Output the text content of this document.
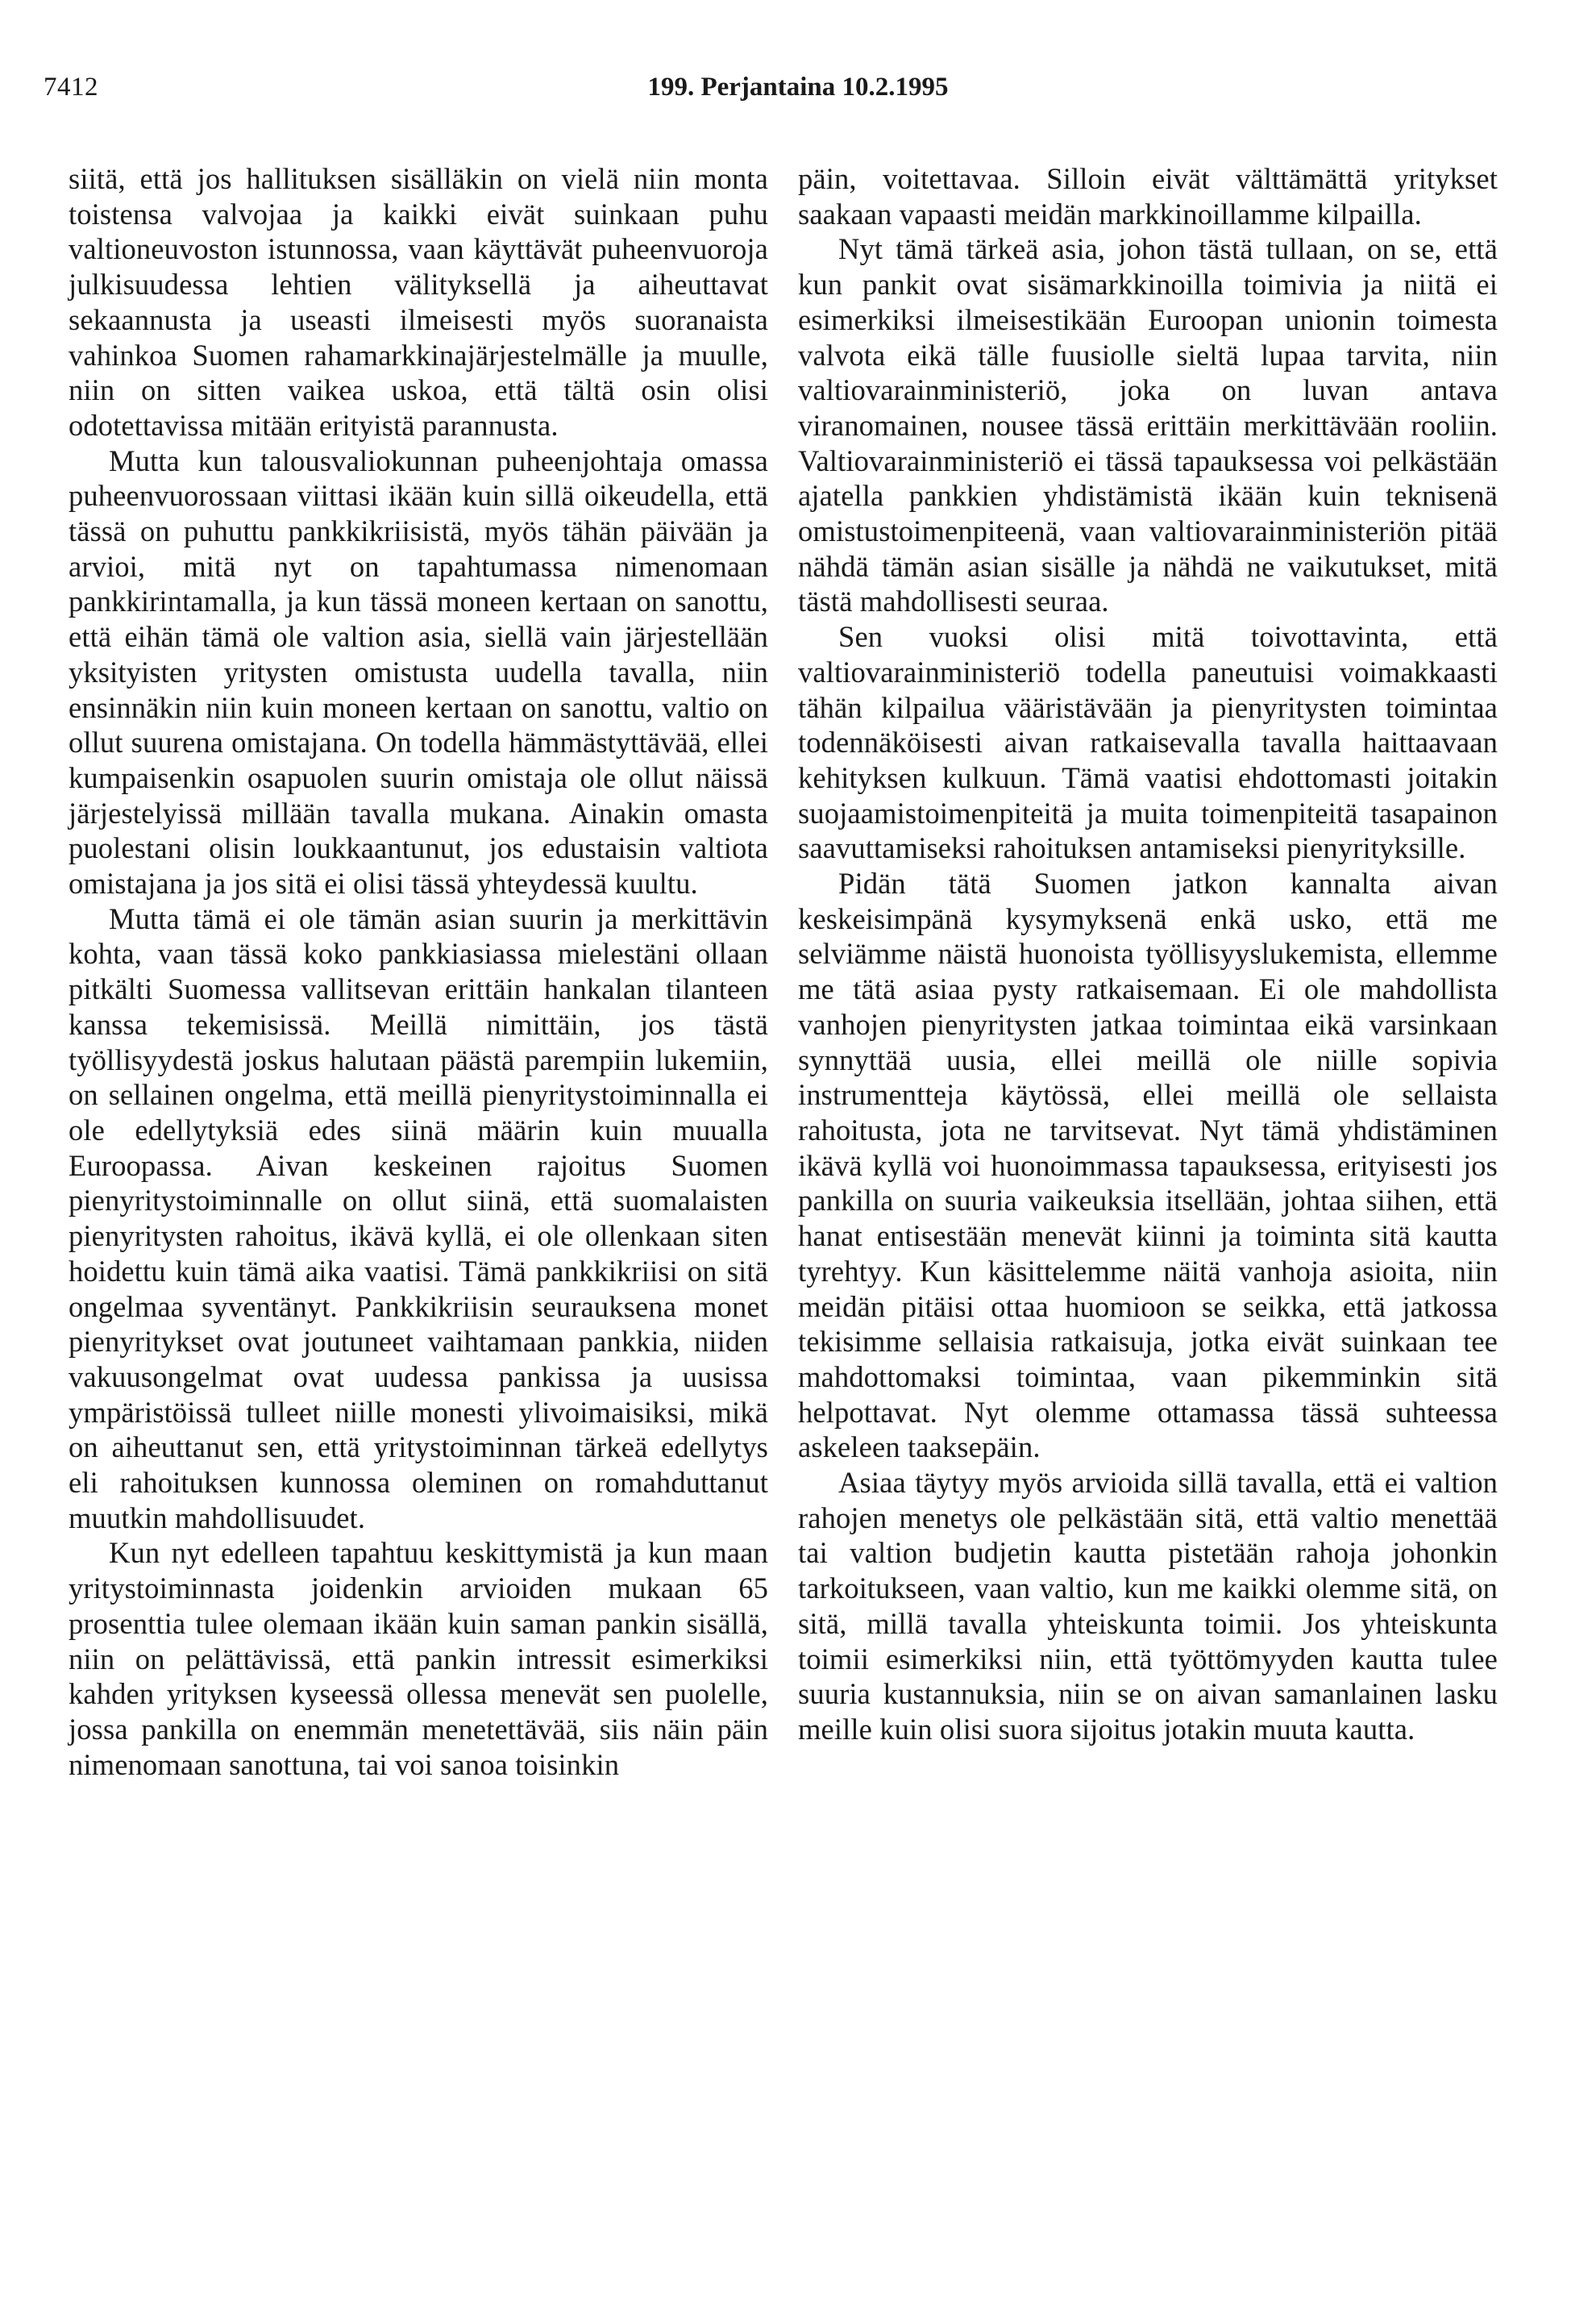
7412	199. Perjantaina 10.2.1995

siitä, että jos hallituksen sisälläkin on vielä niin monta toistensa valvojaa ja kaikki eivät suinkaan puhu valtioneuvoston istunnossa, vaan käyttävät puheenvuoroja julkisuudessa lehtien välityksellä ja aiheuttavat sekaannusta ja useasti ilmeisesti myös suoranaista vahinkoa Suomen rahamarkkinajärjestelmälle ja muulle, niin on sitten vaikea uskoa, että tältä osin olisi odotettavissa mitään erityistä parannusta.

Mutta kun talousvaliokunnan puheenjohtaja omassa puheenvuorossaan viittasi ikään kuin sillä oikeudella, että tässä on puhuttu pankkikriisistä, myös tähän päivään ja arvioi, mitä nyt on tapahtumassa nimenomaan pankkirintamalla, ja kun tässä moneen kertaan on sanottu, että eihän tämä ole valtion asia, siellä vain järjestellään yksityisten yritysten omistusta uudella tavalla, niin ensinnäkin niin kuin moneen kertaan on sanottu, valtio on ollut suurena omistajana. On todella hämmästyttävää, ellei kumpaisenkin osapuolen suurin omistaja ole ollut näissä järjestelyissä millään tavalla mukana. Ainakin omasta puolestani olisin loukkaantunut, jos edustaisin valtiota omistajana ja jos sitä ei olisi tässä yhteydessä kuultu.

Mutta tämä ei ole tämän asian suurin ja merkittävin kohta, vaan tässä koko pankkiasiassa mielestäni ollaan pitkälti Suomessa vallitsevan erittäin hankalan tilanteen kanssa tekemisissä. Meillä nimittäin, jos tästä työllisyydestä joskus halutaan päästä parempiin lukemiin, on sellainen ongelma, että meillä pienyritystoiminnalla ei ole edellytyksiä edes siinä määrin kuin muualla Euroopassa. Aivan keskeinen rajoitus Suomen pienyritystoiminnalle on ollut siinä, että suomalaisten pienyritysten rahoitus, ikävä kyllä, ei ole ollenkaan siten hoidettu kuin tämä aika vaatisi. Tämä pankkikriisi on sitä ongelmaa syventänyt. Pankkikriisin seurauksena monet pienyritykset ovat joutuneet vaihtamaan pankkia, niiden vakuusongelmat ovat uudessa pankissa ja uusissa ympäristöissä tulleet niille monesti ylivoimaisiksi, mikä on aiheuttanut sen, että yritystoiminnan tärkeä edellytys eli rahoituksen kunnossa oleminen on romahduttanut muutkin mahdollisuudet.

Kun nyt edelleen tapahtuu keskittymistä ja kun maan yritystoiminnasta joidenkin arvioiden mukaan 65 prosenttia tulee olemaan ikään kuin saman pankin sisällä, niin on pelättävissä, että pankin intressit esimerkiksi kahden yrityksen kyseessä ollessa menevät sen puolelle, jossa pankilla on enemmän menetettävää, siis näin päin nimenomaan sanottuna, tai voi sanoa toisinkin

päin, voitettavaa. Silloin eivät välttämättä yritykset saakaan vapaasti meidän markkinoillamme kilpailla.

Nyt tämä tärkeä asia, johon tästä tullaan, on se, että kun pankit ovat sisämarkkinoilla toimivia ja niitä ei esimerkiksi ilmeisestikään Euroopan unionin toimesta valvota eikä tälle fuusiolle sieltä lupaa tarvita, niin valtiovarainministeriö, joka on luvan antava viranomainen, nousee tässä erittäin merkittävään rooliin. Valtiovarainministeriö ei tässä tapauksessa voi pelkästään ajatella pankkien yhdistämistä ikään kuin teknisenä omistustoimenpiteenä, vaan valtiovarainministeriön pitää nähdä tämän asian sisälle ja nähdä ne vaikutukset, mitä tästä mahdollisesti seuraa.

Sen vuoksi olisi mitä toivottavinta, että valtiovarainministeriö todella paneutuisi voimakkaasti tähän kilpailua vääristävään ja pienyritysten toimintaa todennäköisesti aivan ratkaisevalla tavalla haittaavaan kehityksen kulkuun. Tämä vaatisi ehdottomasti joitakin suojaamistoimenpiteitä ja muita toimenpiteitä tasapainon saavuttamiseksi rahoituksen antamiseksi pienyrityksille.

Pidän tätä Suomen jatkon kannalta aivan keskeisimpänä kysymyksenä enkä usko, että me selviämme näistä huonoista työllisyyslukemista, ellemme me tätä asiaa pysty ratkaisemaan. Ei ole mahdollista vanhojen pienyritysten jatkaa toimintaa eikä varsinkaan synnyttää uusia, ellei meillä ole niille sopivia instrumentteja käytössä, ellei meillä ole sellaista rahoitusta, jota ne tarvitsevat. Nyt tämä yhdistäminen ikävä kyllä voi huonoimmassa tapauksessa, erityisesti jos pankilla on suuria vaikeuksia itsellään, johtaa siihen, että hanat entisestään menevät kiinni ja toiminta sitä kautta tyrehtyy. Kun käsittelemme näitä vanhoja asioita, niin meidän pitäisi ottaa huomioon se seikka, että jatkossa tekisimme sellaisia ratkaisuja, jotka eivät suinkaan tee mahdottomaksi toimintaa, vaan pikemminkin sitä helpottavat. Nyt olemme ottamassa tässä suhteessa askeleen taaksepäin.

Asiaa täytyy myös arvioida sillä tavalla, että ei valtion rahojen menetys ole pelkästään sitä, että valtio menettää tai valtion budjetin kautta pistetään rahoja johonkin tarkoitukseen, vaan valtio, kun me kaikki olemme sitä, on sitä, millä tavalla yhteiskunta toimii. Jos yhteiskunta toimii esimerkiksi niin, että työttömyyden kautta tulee suuria kustannuksia, niin se on aivan samanlainen lasku meille kuin olisi suora sijoitus jotakin muuta kautta.
